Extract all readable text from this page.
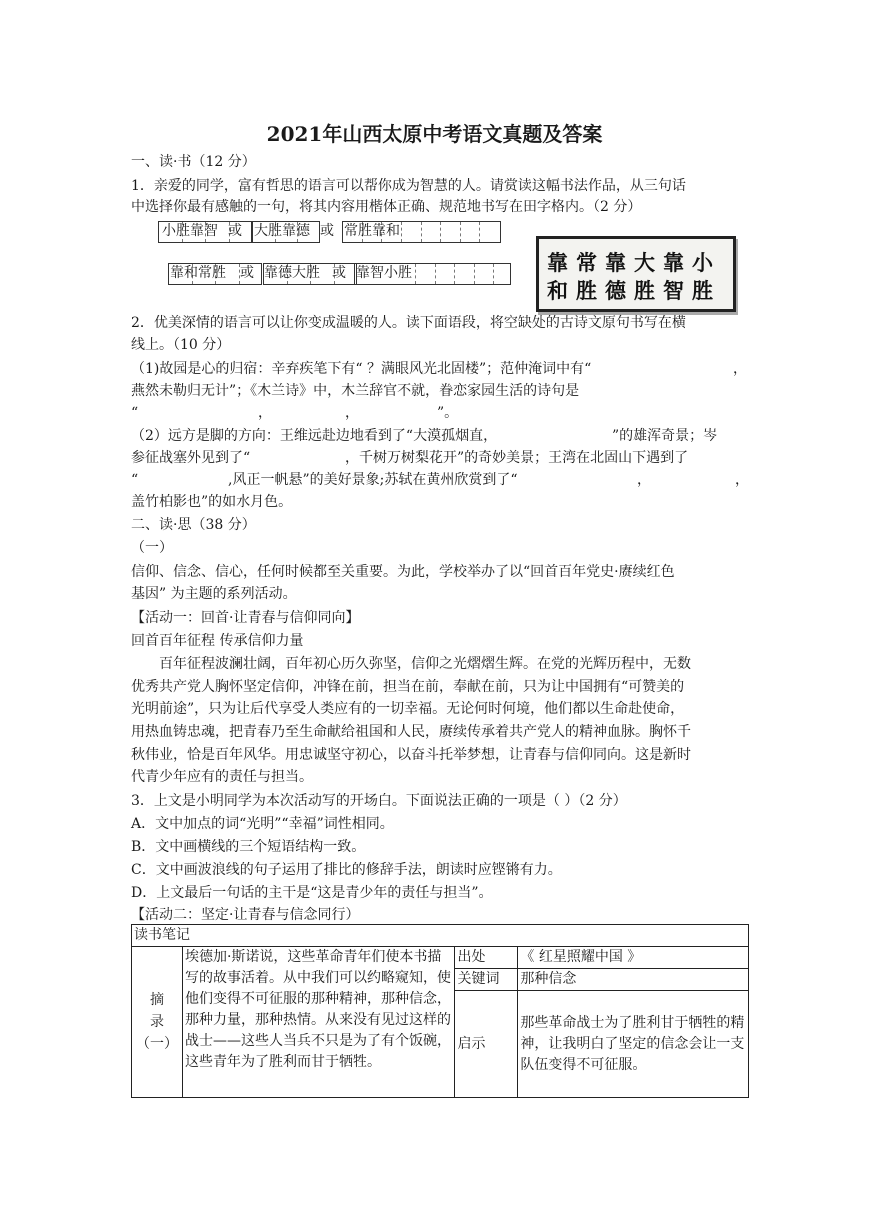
2021年山西太原中考语文真题及答案
一、读·书（12 分）
1．亲爱的同学，富有哲思的语言可以帮你成为智慧的人。请赏读这幅书法作品，从三句话
中选择你最有感触的一句，将其内容用楷体正确、规范地书写在田字格内。（2 分）
小胜靠智 或 大胜靠德 或 常胜靠和
靠和常胜 或 靠德大胜 或 靠智小胜	靠常靠大靠小
和胜德胜智胜
2．优美深情的语言可以让你变成温暖的人。读下面语段，将空缺处的古诗文原句书写在横
线上。（10 分）
（1)故园是心的归宿：辛弃疾笔下有“ ？满眼风光北固楼”；范仲淹词中有“	，
燕然未勒归无计”；《木兰诗》中，木兰辞官不就，眷恋家园生活的诗句是
“	，	，	”。
（2）远方是脚的方向：王维远赴边地看到了“大漠孤烟直，	”的雄浑奇景；岑
参征战塞外见到了“	，千树万树梨花开”的奇妙美景；王湾在北固山下遇到了
“	,风正一帆悬”的美好景象;苏轼在黄州欣赏到了“	，	，
盖竹柏影也”的如水月色。
二、读·思（38 分）
（一）
信仰、信念、信心，任何时候都至关重要。为此，学校举办了以“回首百年党史·赓续红色
基因” 为主题的系列活动。
【活动一：回首·让青春与信仰同向】
回首百年征程 传承信仰力量
百年征程波澜壮阔，百年初心历久弥坚，信仰之光熠熠生辉。在党的光辉历程中，无数
优秀共产党人胸怀坚定信仰，冲锋在前，担当在前，奉献在前，只为让中国拥有“可赞美的
光明前途”，只为让后代享受人类应有的一切幸福。无论何时何境，他们都以生命赴使命，
用热血铸忠魂，把青春乃至生命献给祖国和人民，赓续传承着共产党人的精神血脉。胸怀千
秋伟业，恰是百年风华。用忠诚坚守初心，以奋斗托举梦想，让青春与信仰同向。这是新时
代青少年应有的责任与担当。
3．上文是小明同学为本次活动写的开场白。下面说法正确的一项是（ ）（2 分）
A．文中加点的词“光明”“幸福”词性相同。
B．文中画横线的三个短语结构一致。
C．文中画波浪线的句子运用了排比的修辞手法，朗读时应铿锵有力。
D．上文最后一句话的主干是“这是青少年的责任与担当”。
【活动二：坚定·让青春与信念同行）
读书笔记			

摘
录
（一）	埃德加·斯诺说，这些革命青年们使本书描写的故事活着。从中我们可以约略窥知，使他们变得不可征服的那种精神，那种信念，那种力量，那种热情。从来没有见过这样的战士——这些人当兵不只是为了有个饭碗，这些青年为了胜利而甘于牺牲。	出处	《 红星照耀中国 》
		关键词	那种信念
		启示	那些革命战士为了胜利甘于牺牲的精神，让我明白了坚定的信念会让一支队伍变得不可征服。
